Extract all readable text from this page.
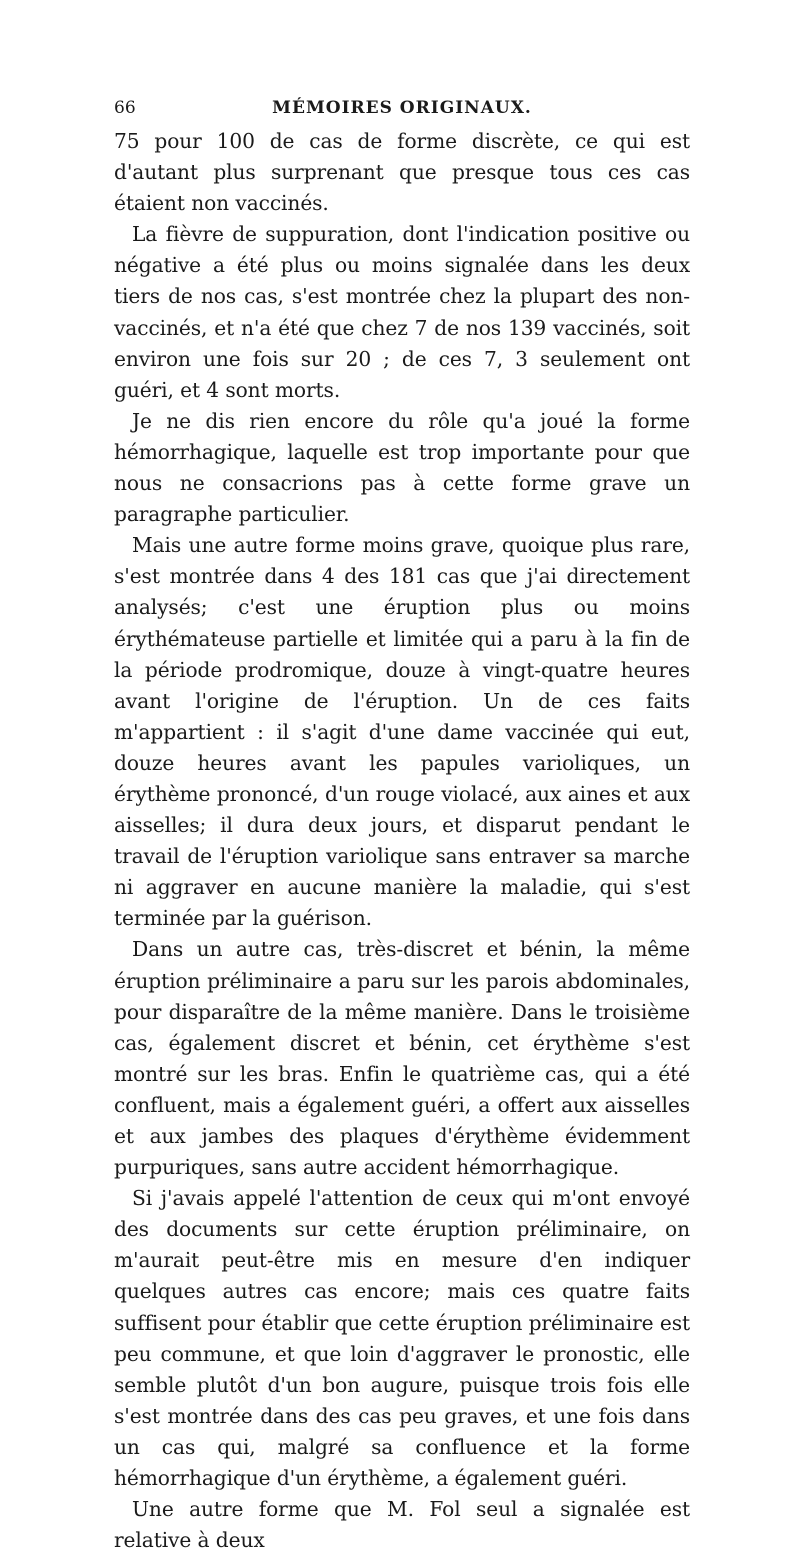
66	MÉMOIRES ORIGINAUX.

75 pour 100 de cas de forme discrète, ce qui est d'autant plus surprenant que presque tous ces cas étaient non vaccinés.

La fièvre de suppuration, dont l'indication positive ou négative a été plus ou moins signalée dans les deux tiers de nos cas, s'est montrée chez la plupart des non-vaccinés, et n'a été que chez 7 de nos 139 vaccinés, soit environ une fois sur 20 ; de ces 7, 3 seulement ont guéri, et 4 sont morts.

Je ne dis rien encore du rôle qu'a joué la forme hémorrhagique, laquelle est trop importante pour que nous ne consacrions pas à cette forme grave un paragraphe particulier.

Mais une autre forme moins grave, quoique plus rare, s'est montrée dans 4 des 181 cas que j'ai directement analysés; c'est une éruption plus ou moins érythémateuse partielle et limitée qui a paru à la fin de la période prodromique, douze à vingt-quatre heures avant l'origine de l'éruption. Un de ces faits m'appartient : il s'agit d'une dame vaccinée qui eut, douze heures avant les papules varioliques, un érythème prononcé, d'un rouge violacé, aux aines et aux aisselles; il dura deux jours, et disparut pendant le travail de l'éruption variolique sans entraver sa marche ni aggraver en aucune manière la maladie, qui s'est terminée par la guérison.

Dans un autre cas, très-discret et bénin, la même éruption préliminaire a paru sur les parois abdominales, pour disparaître de la même manière. Dans le troisième cas, également discret et bénin, cet érythème s'est montré sur les bras. Enfin le quatrième cas, qui a été confluent, mais a également guéri, a offert aux aisselles et aux jambes des plaques d'érythème évidemment purpuriques, sans autre accident hémorrhagique.

Si j'avais appelé l'attention de ceux qui m'ont envoyé des documents sur cette éruption préliminaire, on m'aurait peut-être mis en mesure d'en indiquer quelques autres cas encore; mais ces quatre faits suffisent pour établir que cette éruption préliminaire est peu commune, et que loin d'aggraver le pronostic, elle semble plutôt d'un bon augure, puisque trois fois elle s'est montrée dans des cas peu graves, et une fois dans un cas qui, malgré sa confluence et la forme hémorrhagique d'un érythème, a également guéri.

Une autre forme que M. Fol seul a signalée est relative à deux
